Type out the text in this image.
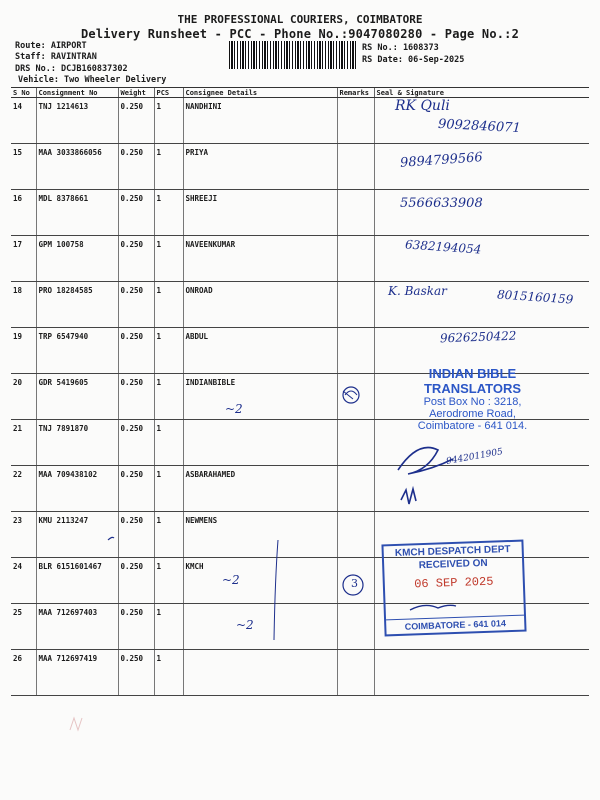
THE PROFESSIONAL COURIERS, COIMBATORE
Delivery Runsheet - PCC - Phone No.:9047080280 - Page No.:2
Route: AIRPORT
Staff: RAVINTRAN
DRS No.: DCJB160837302
Vehicle: Two Wheeler Delivery
RS No.: 1608373
RS Date: 06-Sep-2025
S No	Consignment No	Weight	PCS	Consignee Details	Remarks	Seal & Signature
14	TNJ 1214613	0.250	1	NANDHINI		
15	MAA 3033866056	0.250	1	PRIYA		
16	MDL 8378661	0.250	1	SHREEJI		
17	GPM 100758	0.250	1	NAVEENKUMAR		
18	PRO 18284585	0.250	1	ONROAD		
19	TRP 6547940	0.250	1	ABDUL		
20	GDR 5419605	0.250	1	INDIANBIBLE		
21	TNJ 7891870	0.250	1			
22	MAA 709438102	0.250	1	ASBARAHAMED		
23	KMU 2113247	0.250	1	NEWMENS		
24	BLR 6151601467	0.250	1	KMCH		
25	MAA 712697403	0.250	1			
26	MAA 712697419	0.250	1			
RK Quli
9092846071
9894799566
5566633908
6382194054
K. Baskar	8015160159
9626250422
~2
9442011905
~2
~2
INDIAN BIBLE TRANSLATORS
Post Box No : 3218,
Aerodrome Road,
Coimbatore - 641 014.
KMCH DESPATCH DEPT
RECEIVED ON
06 SEP 2025
COIMBATORE - 641 014
3
